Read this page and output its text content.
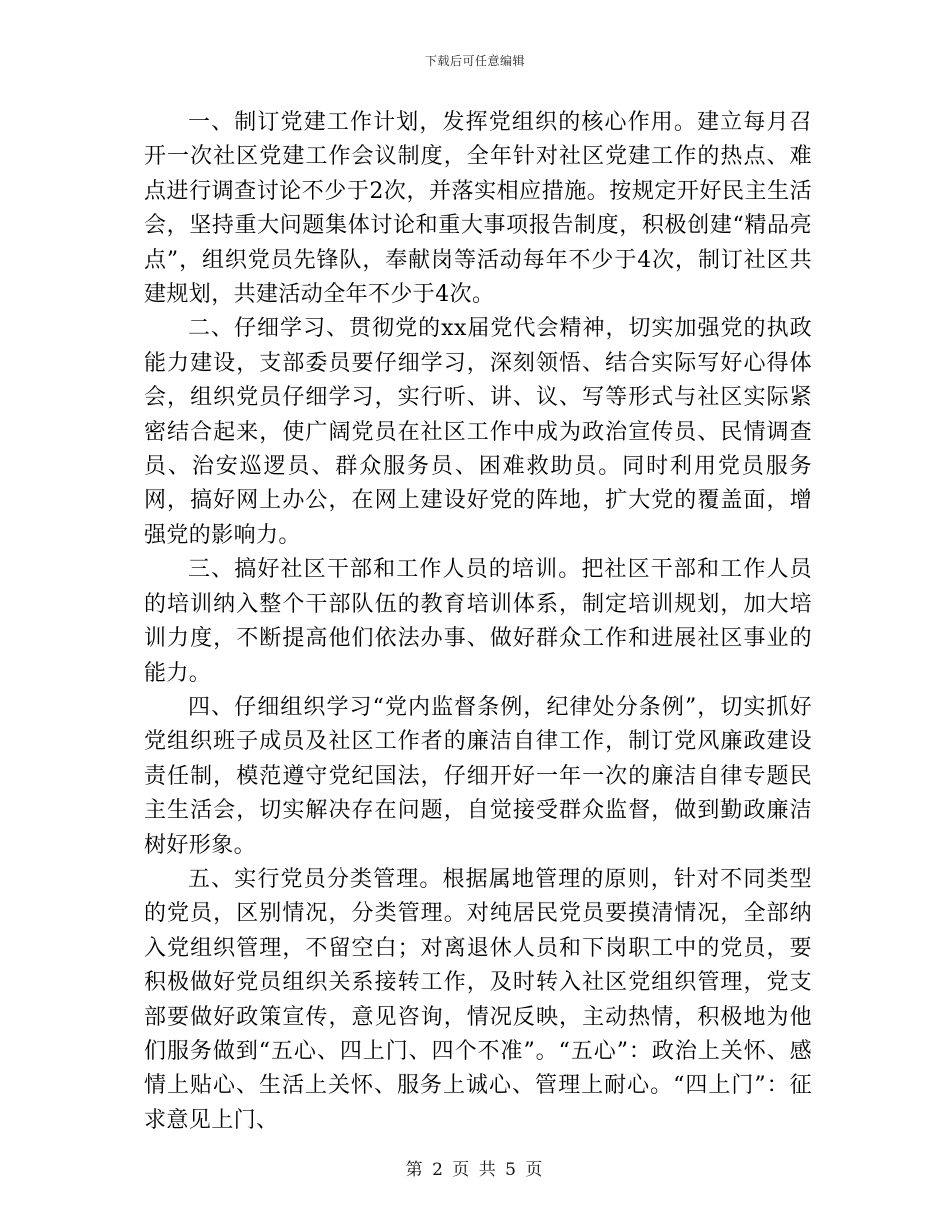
下载后可任意编辑

一、制订党建工作计划，发挥党组织的核心作用。建立每月召开一次社区党建工作会议制度，全年针对社区党建工作的热点、难点进行调查讨论不少于2次，并落实相应措施。按规定开好民主生活会，坚持重大问题集体讨论和重大事项报告制度，积极创建“精品亮点”，组织党员先锋队，奉献岗等活动每年不少于4次，制订社区共建规划，共建活动全年不少于4次。

二、仔细学习、贯彻党的xx届党代会精神，切实加强党的执政能力建设，支部委员要仔细学习，深刻领悟、结合实际写好心得体会，组织党员仔细学习，实行听、讲、议、写等形式与社区实际紧密结合起来，使广阔党员在社区工作中成为政治宣传员、民情调查员、治安巡逻员、群众服务员、困难救助员。同时利用党员服务网，搞好网上办公，在网上建设好党的阵地，扩大党的覆盖面，增强党的影响力。

三、搞好社区干部和工作人员的培训。把社区干部和工作人员的培训纳入整个干部队伍的教育培训体系，制定培训规划，加大培训力度，不断提高他们依法办事、做好群众工作和进展社区事业的能力。

四、仔细组织学习“党内监督条例，纪律处分条例”，切实抓好党组织班子成员及社区工作者的廉洁自律工作，制订党风廉政建设责任制，模范遵守党纪国法，仔细开好一年一次的廉洁自律专题民主生活会，切实解决存在问题，自觉接受群众监督，做到勤政廉洁树好形象。

五、实行党员分类管理。根据属地管理的原则，针对不同类型的党员，区别情况，分类管理。对纯居民党员要摸清情况，全部纳入党组织管理，不留空白；对离退休人员和下岗职工中的党员，要积极做好党员组织关系接转工作，及时转入社区党组织管理，党支部要做好政策宣传，意见咨询，情况反映，主动热情，积极地为他们服务做到“五心、四上门、四个不准”。“五心”：政治上关怀、感情上贴心、生活上关怀、服务上诚心、管理上耐心。“四上门”：征求意见上门、

第 2 页 共 5 页
